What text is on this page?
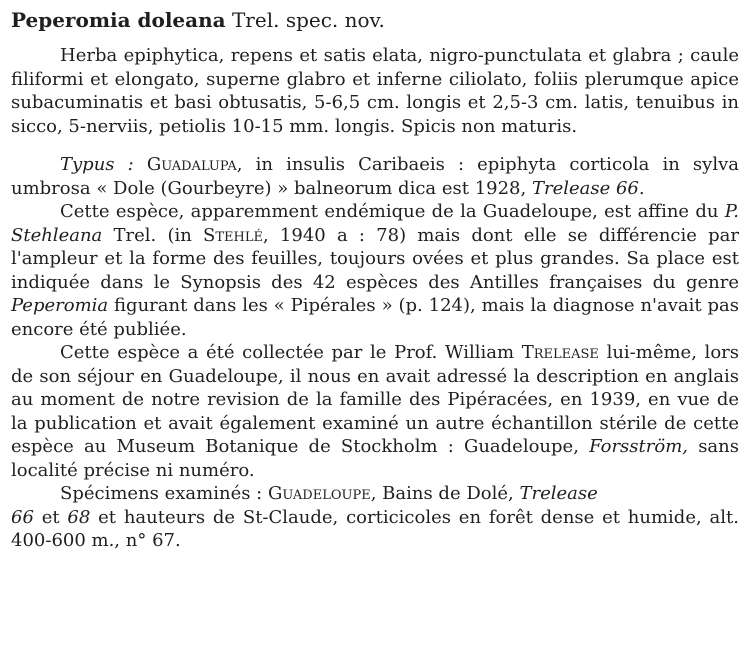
Peperomia doleana Trel. spec. nov.

Herba epiphytica, repens et satis elata, nigro-punctulata et glabra ; caule filiformi et elongato, superne glabro et inferne ciliolato, foliis plerumque apice subacuminatis et basi obtusatis, 5-6,5 cm. longis et 2,5-3 cm. latis, tenuibus in sicco, 5-nerviis, petiolis 10-15 mm. longis. Spicis non maturis.

Typus : Guadalupa, in insulis Caribaeis : epiphyta corticola in sylva umbrosa « Dole (Gourbeyre) » balneorum dica est 1928, Trelease 66.

Cette espèce, apparemment endémique de la Guadeloupe, est affine du P. Stehleana Trel. (in Stehlé, 1940 a : 78) mais dont elle se différencie par l'ampleur et la forme des feuilles, toujours ovées et plus grandes. Sa place est indiquée dans le Synopsis des 42 espèces des Antilles françaises du genre Peperomia figurant dans les « Pipérales » (p. 124), mais la diagnose n'avait pas encore été publiée.

Cette espèce a été collectée par le Prof. William Trelease lui-même, lors de son séjour en Guadeloupe, il nous en avait adressé la description en anglais au moment de notre revision de la famille des Pipéracées, en 1939, en vue de la publication et avait également examiné un autre échantillon stérile de cette espèce au Museum Botanique de Stockholm : Guadeloupe, Forsström, sans localité précise ni numéro.

Spécimens examinés : Guadeloupe, Bains de Dolé, Trelease
66 et 68 et hauteurs de St-Claude, corticicoles en forêt dense et humide, alt. 400-600 m., n° 67.
